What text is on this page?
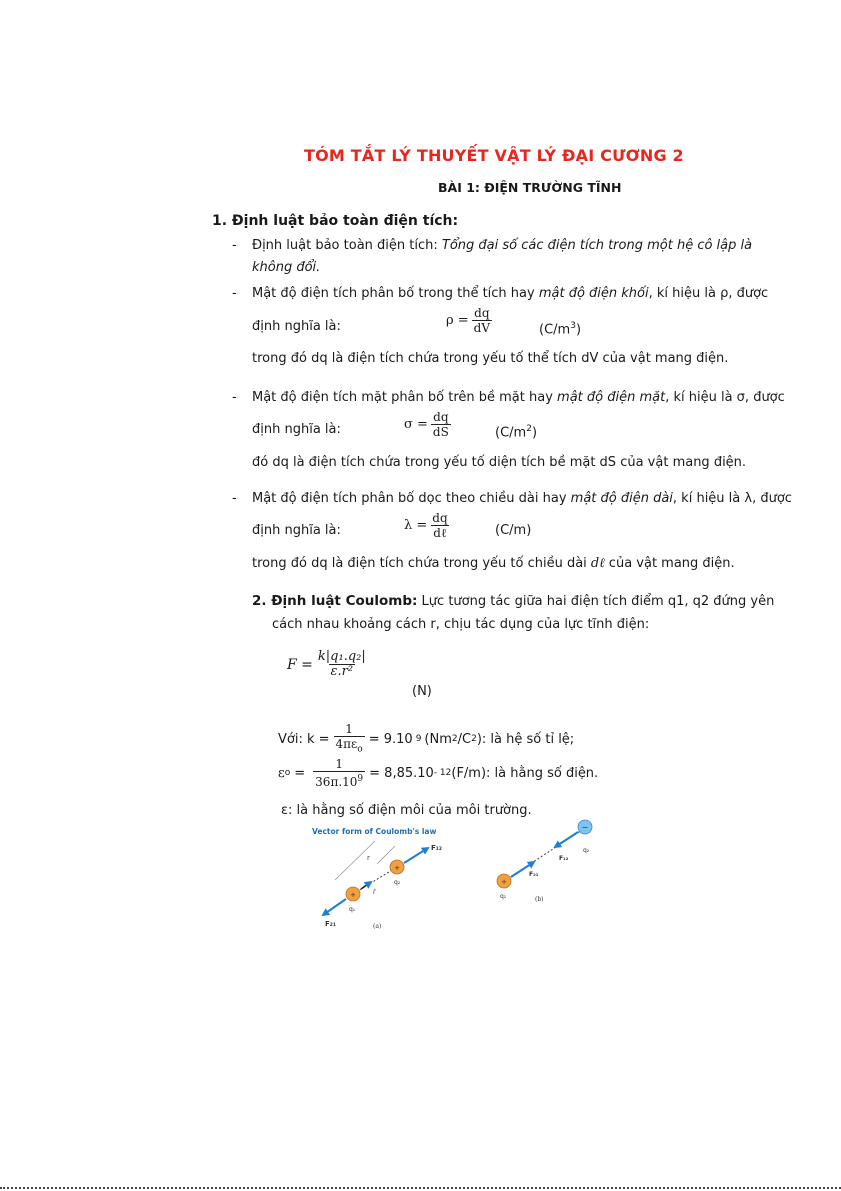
TÓM TẮT LÝ THUYẾT VẬT LÝ ĐẠI CƯƠNG 2
BÀI 1: ĐIỆN TRƯỜNG TĨNH
1. Định luật bảo toàn điện tích:
- Định luật bảo toàn điện tích: Tổng đại số các điện tích trong một hệ cô lập là
không đổi.
- Mật độ điện tích phân bố trong thể tích hay mật độ điện khối, kí hiệu là ρ, được
định nghĩa là:	$\rho = \frac{dq}{dV}$	$(C/m^3)$
trong đó dq là điện tích chứa trong yếu tố thể tích dV của vật mang điện.
- Mật độ điện tích mặt phân bố trên bề mặt hay mật độ điện mặt, kí hiệu là σ, được
định nghĩa là:	$\sigma = \frac{dq}{dS}$	$(C/m^2)$
đó dq là điện tích chứa trong yếu tố diện tích bề mặt dS của vật mang điện.
- Mật độ điện tích phân bố dọc theo chiều dài hay mật độ điện dài, kí hiệu là λ, được
định nghĩa là:	$\lambda = \frac{dq}{\text{dℓ}}$	(C/m)
trong đó dq là điện tích chứa trong yếu tố chiều dài dℓ của vật mang điện.
2. Định luật Coulomb: Lực tương tác giữa hai điện tích điểm q1, q2 đứng yên
cách nhau khoảng cách r, chịu tác dụng của lực tĩnh điện:
$F = \frac{\text{k|q₁.q₂|}}{\text{ε.r²}}$
(N)
Với: $k = \frac{1}{4\pi\varepsilon_o} = 9.10$ 9 (Nm 2 /C 2 ): là hệ số tỉ lệ;
ε $o = \frac{1}{36\pi.10^9} = 8,85.10 - 12$ (F/m): là hằng số điện.
ε: là hằng số điện môi của môi trường.
Vector form of Coulomb's law
r
F₁₂
+
q₂
+	r̂
q₁
F₂₁	(a)
F₂₁
F₁₂
+
q₁
−
q₂
(b)
